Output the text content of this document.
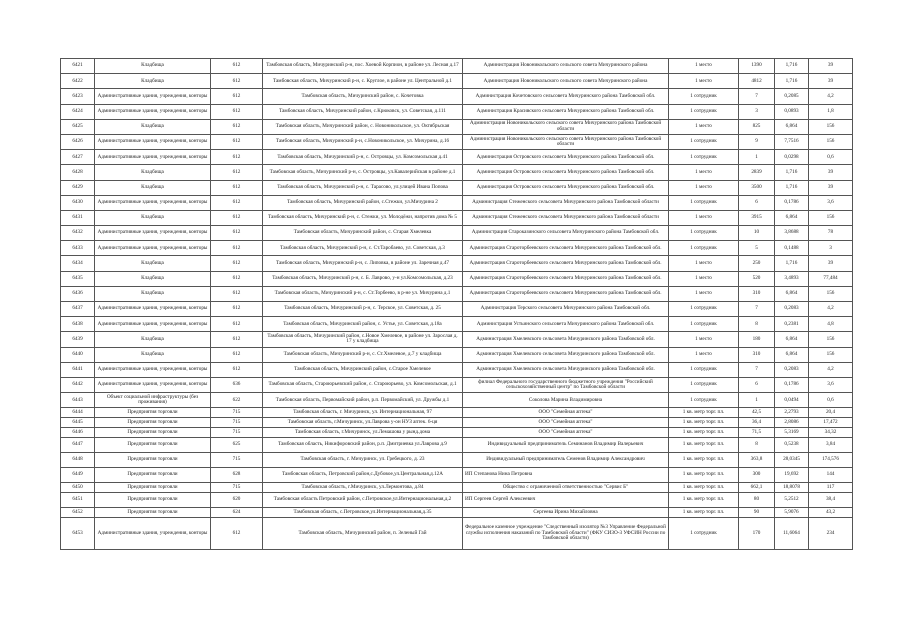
6421	Кладбища	612	Тамбовская область, Мичуринский р-н, пос. Хоевой Корпион, в районе ул. Лесная д.17	Администрация Новоникольского сельского совета Мичуринского района	1 место	1390	1,716	39
6422	Кладбища	612	Тамбовская область, Мичуринский р-н, с. Круглое, в районе ул. Центральной д.1	Администрация Новоникольского сельского совета Мичуринского района	1 место	4812	1,716	39
6423	Административные здания, учреждения, конторы	612	Тамбовская область, Мичуринский район, с. Кочетовка	Администрация Кочетовского сельсовета Мичуринского района Тамбовской обл.	1 сотрудник	7	0,2085	4,2
6424	Административные здания, учреждения, конторы	612	Тамбовская область, Мичуринский район, с.Крюковск, ул. Советская, д.111	Администрация Красивского сельсовета Мичуринского района Тамбовской обл.	1 сотрудник	3	0,0893	1,8
6425	Кладбища	612	Тамбовская область, Мичуринский район, с. Новоникольское, ул. Октябрьская	Администрация Новоникольского сельского совета Мичуринского района Тамбовской области	1 место	825	6,864	156
6426	Административные здания, учреждения, конторы	612	Тамбовская область, Мичуринский р-н, с.Новоникольское, ул. Мичурина, д.16	Администрация Новоникольского сельского совета Мичуринского района Тамбовской области	1 сотрудник	9	7,7516	156
6427	Административные здания, учреждения, конторы	612	Тамбовская область, Мичуринский р-н, с. Островцы, ул. Комсомольская д.41	Администрация Островского сельсовета Мичуринского района Тамбовской обл.	1 сотрудник	1	0,0298	0,6
6428	Кладбища	612	Тамбовская область, Мичуринский р-н, с. Островцы, ул.Кавалерийская в районе д.1	Администрация Островского сельсовета Мичуринского района Тамбовской обл.	1 место	2839	1,716	39
6429	Кладбища	612	Тамбовская область, Мичуринский р-н, с. Тарасово, ул.улицей Ивана Попова	Администрация Островского сельсовета Мичуринского района Тамбовской обл.	1 место	3500	1,716	39
6430	Административные здания, учреждения, конторы	612	Тамбовская область, Мичуринский район, с.Стежки, ул.Мичурина 2	Администрация Стеженского сельсовета Мичуринского района Тамбовской области	1 сотрудник	6	0,1786	3,6
6431	Кладбища	612	Тамбовская область, Мичуринский р-н, с. Стежки, ул. Молодёжи, напротив дома № 5	Администрация Стеженского сельсовета Мичуринского района Тамбовской области	1 место	3915	6,864	156
6432	Административные здания, учреждения, конторы	612	Тамбовская область, Мичуринский район, с. Старая Хмелевка	Администрация Староказинского сельсовета Мичуринского района Тамбовской обл.	1 сотрудник	10	3,8688	78
6433	Административные здания, учреждения, конторы	612	Тамбовская область, Мичуринский р-н, с. Ст.Таробаево, ул. Советская, д.3	Администрация Староторбеевского сельсовета Мичуринского района Тамбовской обл.	1 сотрудник	5	0,1488	3
6434	Кладбища	612	Тамбовская область, Мичуринский р-н, с. Липовка, в районе ул. Заречная д.47	Администрация Староторбеевского сельсовета Мичуринского района Тамбовской обл.	1 место	250	1,716	39
6435	Кладбища	612	Тамбовская область, Мичуринский р-н, с. Б. Лаврово, у-н ул.Комсомольская, д.23	Администрация Староторбеевского сельсовета Мичуринского района Тамбовской обл.	1 место	520	3,4893	77,484
6436	Кладбища	612	Тамбовская область, Мичуринский р-н, с. Ст.Торбеево, в р-не ул. Мичурина д.1	Администрация Староторбеевского сельсовета Мичуринского района Тамбовской обл.	1 место	310	6,864	156
6437	Административные здания, учреждения, конторы	612	Тамбовская область, Мичуринский р-н, с. Терское, ул. Советская, д. 25	Администрация Терского сельсовета Мичуринского района Тамбовской обл.	1 сотрудник	7	0,2083	4,2
6438	Административные здания, учреждения, конторы	612	Тамбовская область, Мичуринский район, с. Устье, ул. Советская, д.18а	Администрация Устьинского сельсовета Мичуринского района Тамбовской обл.	1 сотрудник	8	0,2381	4,8
6439	Кладбища	612	Тамбовская область, Мичуринский район, с.Новое Хмелевое, в районе ул. Зарослая д. 17 у кладбища	Администрация Хмелевского сельсовета Мичуринского района Тамбовской обл.	1 место	180	6,864	156
6440	Кладбища	612	Тамбовская область, Мичуринский р-н, с. Ст.Хмелевое, д.7 у кладбища	Администрация Хмелевского сельсовета Мичуринского района Тамбовской обл.	1 место	310	6,864	156
6441	Административные здания, учреждения, конторы	612	Тамбовская область, Мичуринский район, с.Старое Хмелевое	Администрация Хмелевского сельсовета Мичуринского района Тамбовской обл.	1 сотрудник	7	0,2083	4,2
6442	Административные здания, учреждения, конторы	636	Тамбовская область, Староюрьевский район, с. Староюрьево, ул. Комсомольская, д.1	филиал Федерального государственного бюджетного учреждения "Российский сельскохозяйственный центр" по Тамбовской области	1 сотрудник	6	0,1786	3,6
6443	Объект социальной инфраструктуры (без проживания)	622	Тамбовская область, Первомайский район, р.п. Первомайский, ул. Дружбы д.1	Соколова Марина Владимировна	1 сотрудник	1	0,0494	0,6
6444	Предприятия торговли	715	Тамбовская область, г. Мичуринск, ул. Интернациональная, 97	ООО "Семейная аптека"	1 кв. метр торг. пл.	42,5	2,2793	20,4
6445	Предприятия торговли	715	Тамбовская область, г.Мичуринск, ул.Лаврова у-он НУЗ аптек. 6-ця	ООО "Семейная аптека"	1 кв. метр торг. пл.	36,4	2,8086	17,472
6446	Предприятия торговли	715	Тамбовская область, г.Мичуринск, ул.Лемашова у рынд.дома	ООО "Семейная аптека"	1 кв. метр торг. пл.	71,5	5,3169	34,32
6447	Предприятия торговли	625	Тамбовская область, Никифоровский район, р.п. Дмитриевка ул.Лаврова д.9	Индивидуальный предприниматель Семинанов Владимир Валерьевич	1 кв. метр торг. пл.	8	0,5238	3,84
6448	Предприятия торговли	715	Тамбовская область, г. Мичуринск, ул. Гребецкого, д. 23	Индивидуальный предприниматель Семенов Владимир Александрович	1 кв. метр торг. пл.	363,8	28,0345	174,576
6449	Предприятия торговли	628	Тамбовская область, Петровский район,с.Дубовое,ул.Центральная,д.12А	ИП Степанова Нина Петровна	1 кв. метр торг. пл.	300	19,692	144
6450	Предприятия торговли	715	Тамбовская область, г.Мичуринск, ул.Лермонтова, д.84	Общество с ограниченной ответственностью "Сервис Б"	1 кв. метр торг. пл.	662,1	18,8078	117
6451	Предприятия торговли	620	Тамбовская область Петровский район, с.Петровское,ул.Интернациональная,д.2	ИП Сергеев Сергей Алексеевич	1 кв. метр торг. пл.	80	5,2512	38,4
6452	Предприятия торговли	624	Тамбовская область, с.Петровское,ул.Интернациональная,д.35	Сергеева Ирина Михайловна	1 кв. метр торг. пл.	90	5,9076	43,2
6453	Административные здания, учреждения, конторы	612	Тамбовская область, Мичуринский район, п. Зеленый Гай	Федеральное казенное учреждение "Следственный изолятор №3 Управление Федеральной службы исполнения наказаний по Тамбовской области" (ФКУ СИЗО-3 УФСИН России по Тамбовской области)	1 сотрудник	170	11,6064	234
